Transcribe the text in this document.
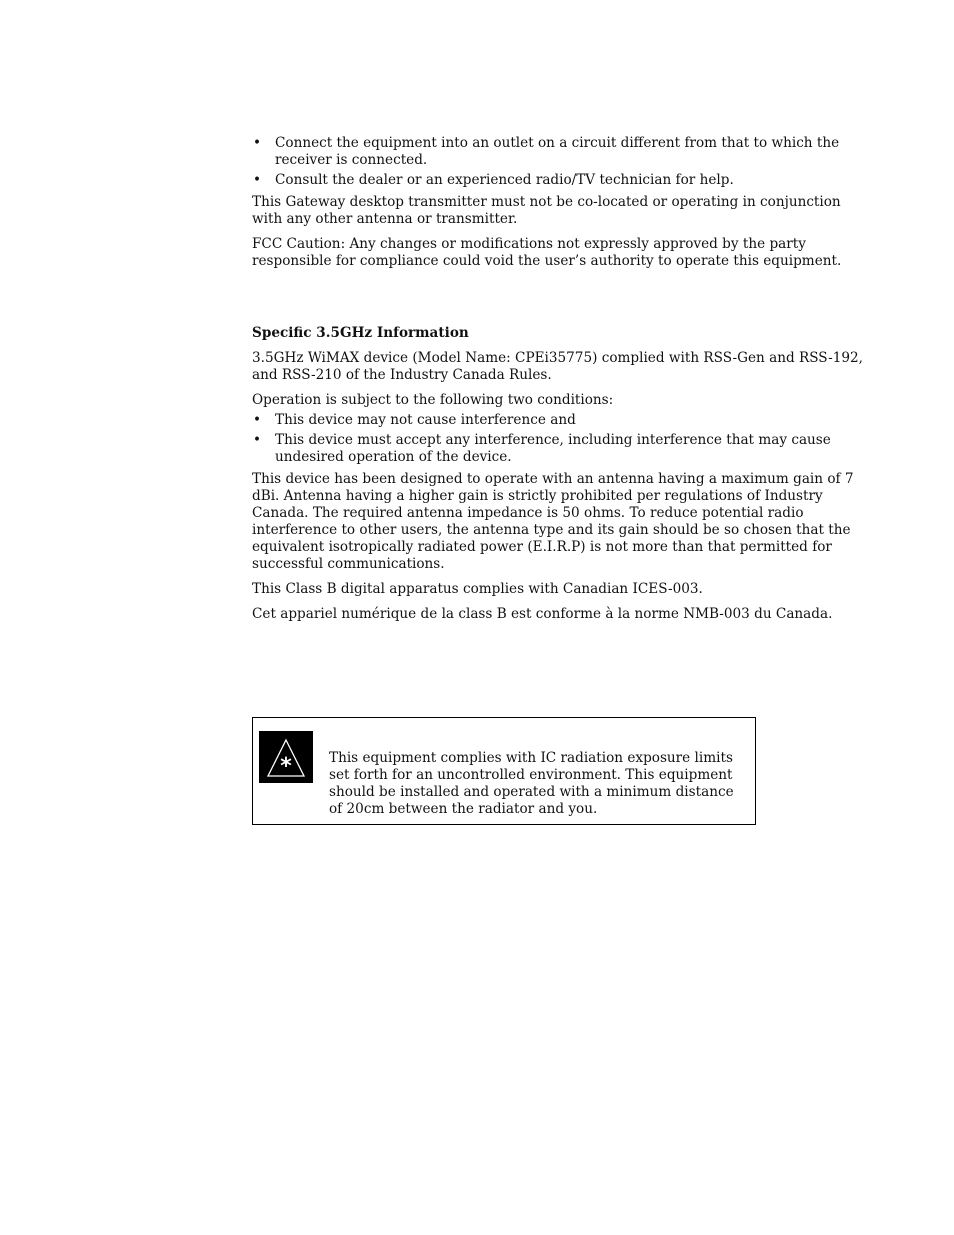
• Connect the equipment into an outlet on a circuit different from that to which the receiver is connected.
• Consult the dealer or an experienced radio/TV technician for help.

This Gateway desktop transmitter must not be co-located or operating in conjunction with any other antenna or transmitter.

FCC Caution: Any changes or modifications not expressly approved by the party responsible for compliance could void the user’s authority to operate this equipment.

Specific 3.5GHz Information

3.5GHz WiMAX device (Model Name: CPEi35775) complied with RSS-Gen and RSS-192, and RSS-210 of the Industry Canada Rules.

Operation is subject to the following two conditions:

• This device may not cause interference and
• This device must accept any interference, including interference that may cause undesired operation of the device.

This device has been designed to operate with an antenna having a maximum gain of 7 dBi. Antenna having a higher gain is strictly prohibited per regulations of Industry Canada. The required antenna impedance is 50 ohms. To reduce potential radio interference to other users, the antenna type and its gain should be so chosen that the equivalent isotropically radiated power (E.I.R.P) is not more than that permitted for successful communications.

This Class B digital apparatus complies with Canadian ICES-003.

Cet appariel numérique de la class B est conforme à la norme NMB-003 du Canada.

*	This equipment complies with IC radiation exposure limits set forth for an uncontrolled environment. This equipment should be installed and operated with a minimum distance of 20cm between the radiator and you.
